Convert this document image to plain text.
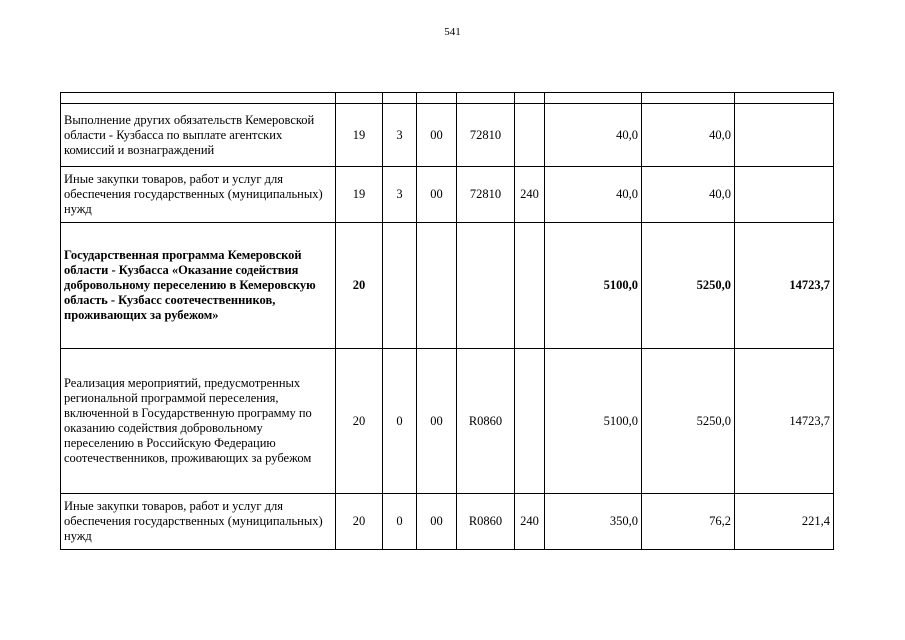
541

Выполнение других обязательств Кемеровской области - Кузбасса по выплате агентских комиссий и вознаграждений	19	3	00	72810		40,0	40,0	
Иные закупки товаров, работ и услуг для обеспечения государственных (муниципальных) нужд	19	3	00	72810	240	40,0	40,0	
Государственная программа Кемеровской области - Кузбасса «Оказание содействия добровольному переселению в Кемеровскую область - Кузбасс соотечественников, проживающих за рубежом»	20					5100,0	5250,0	14723,7
Реализация мероприятий, предусмотренных региональной программой переселения, включенной в Государственную программу по оказанию содействия добровольному переселению в Российскую Федерацию соотечественников, проживающих за рубежом	20	0	00	R0860		5100,0	5250,0	14723,7
Иные закупки товаров, работ и услуг для обеспечения государственных (муниципальных) нужд	20	0	00	R0860	240	350,0	76,2	221,4
